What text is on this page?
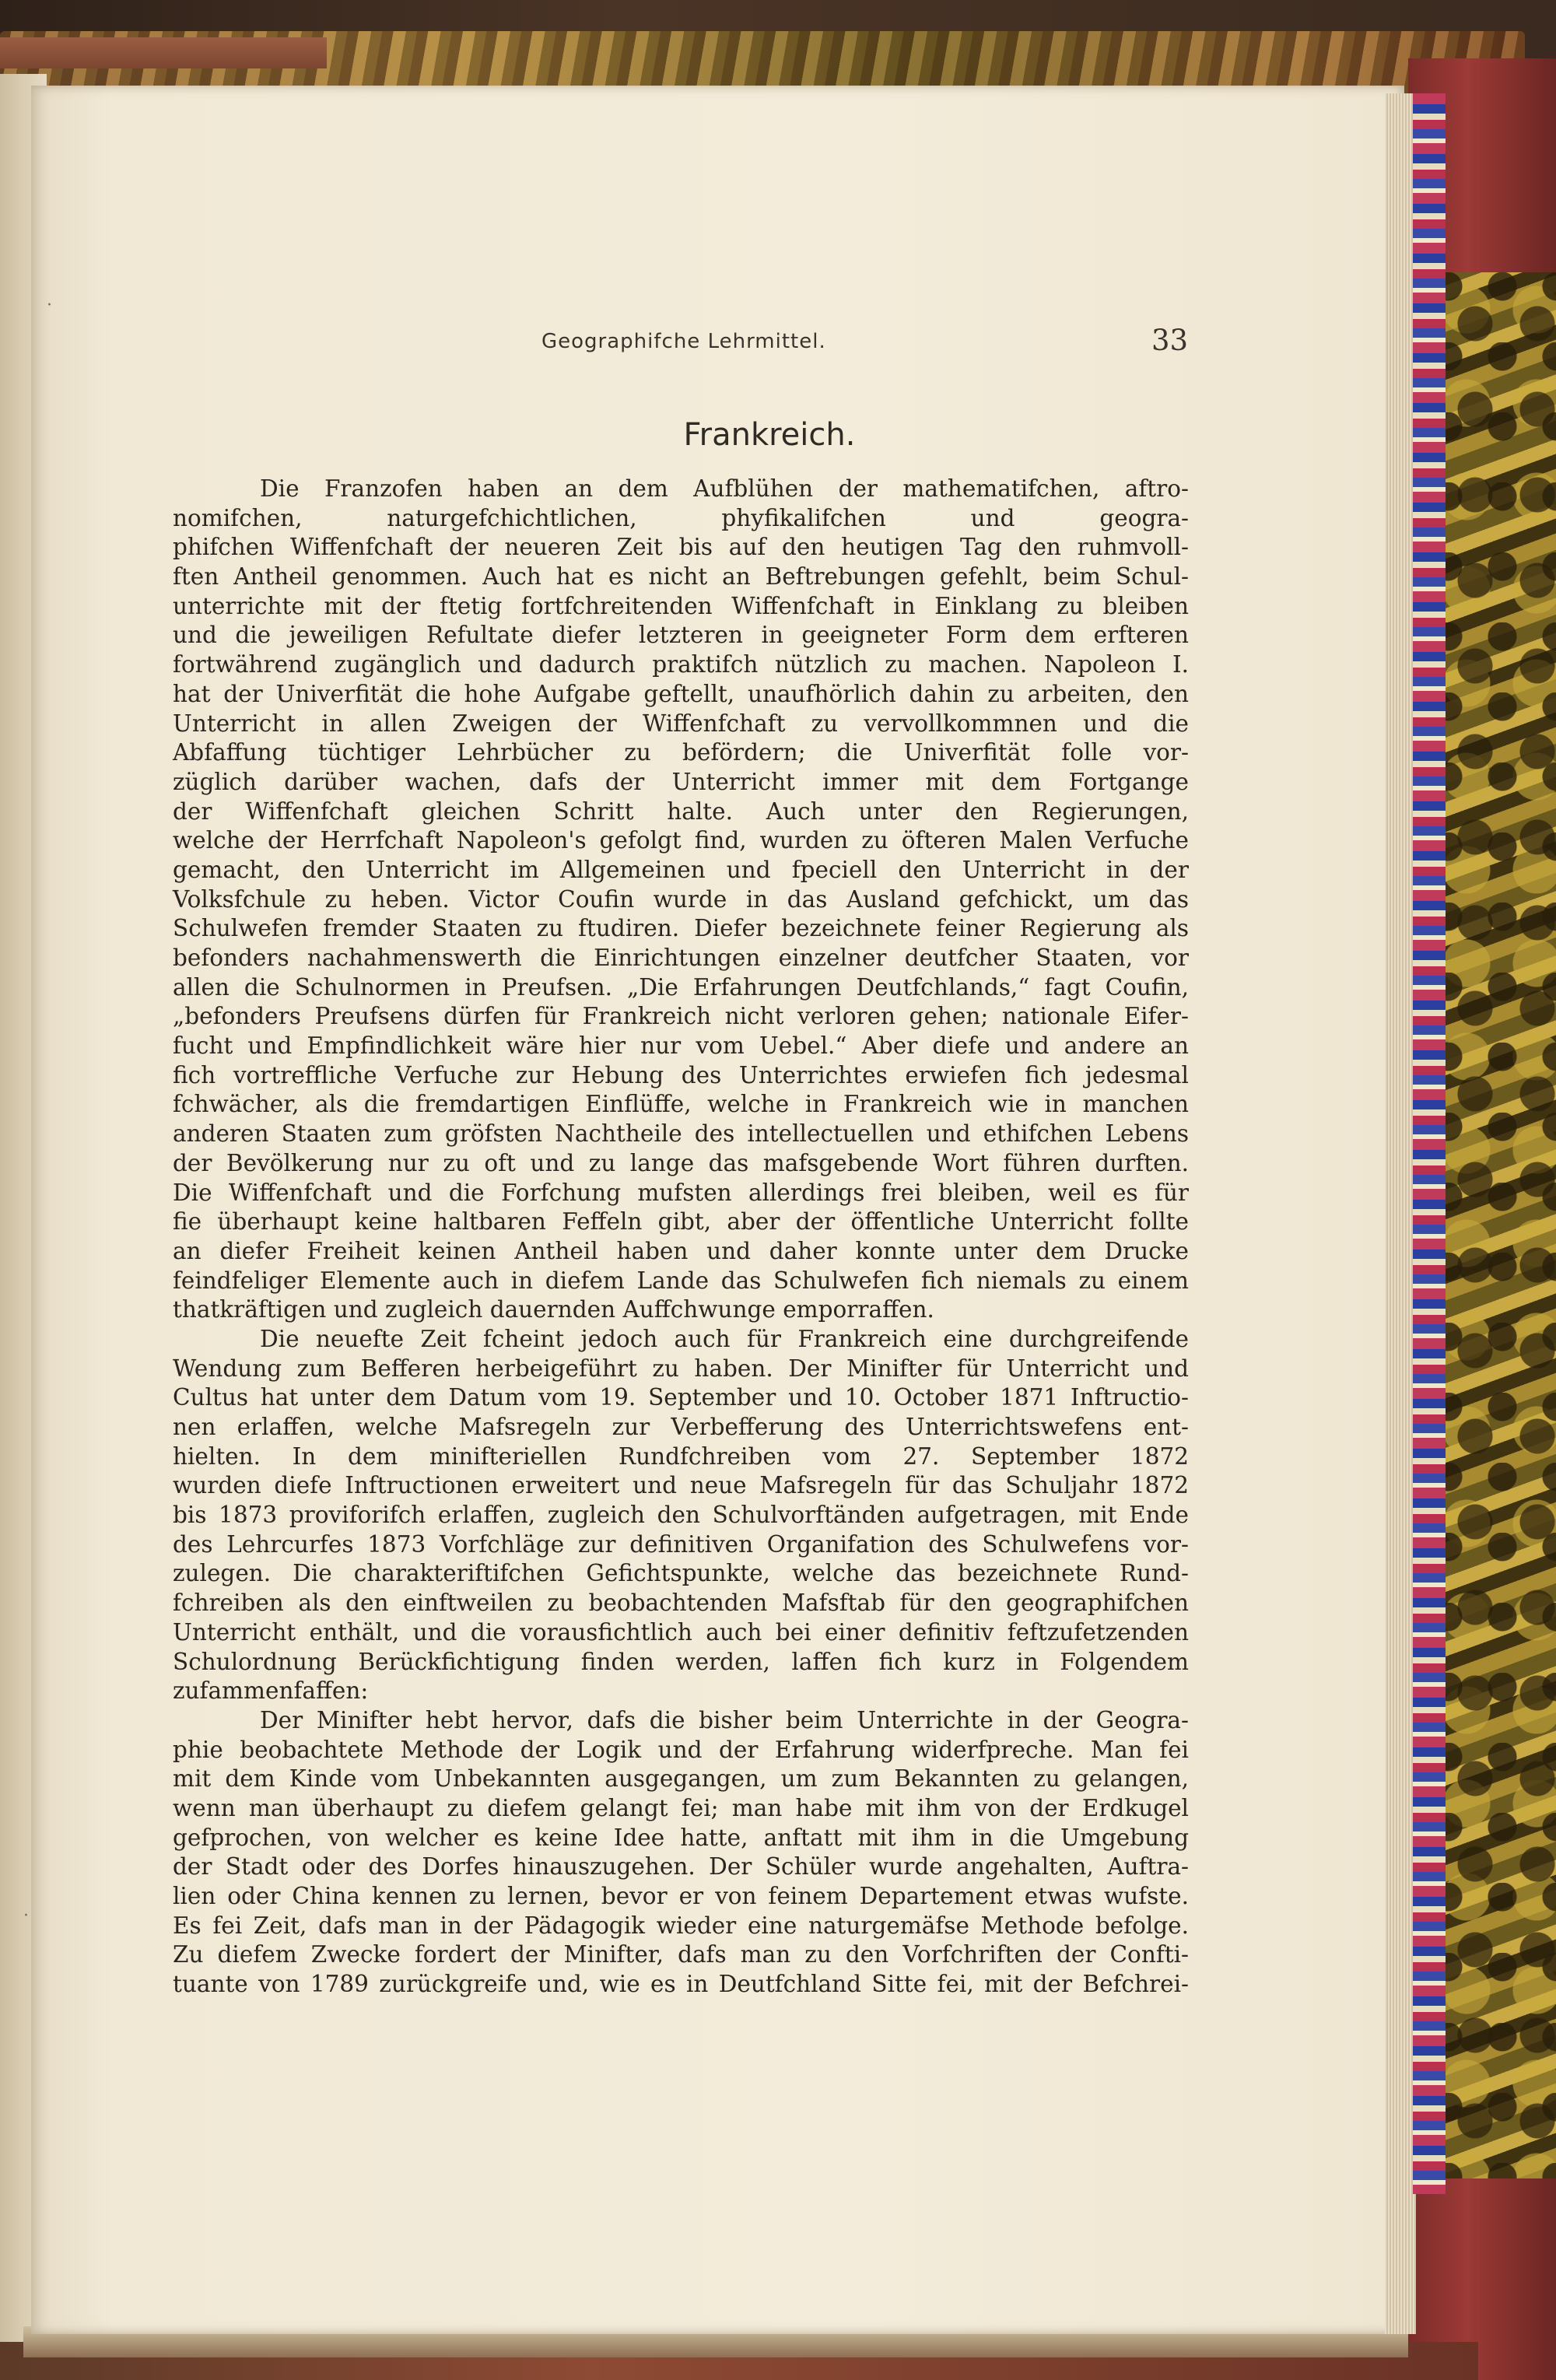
Geographifche Lehrmittel.	33
Frankreich.
Die Franzofen haben an dem Aufblühen der mathematifchen, aftro-
nomifchen, naturgefchichtlichen, phyfikalifchen und geogra-
phifchen Wiffenfchaft der neueren Zeit bis auf den heutigen Tag den ruhmvoll-
ften Antheil genommen. Auch hat es nicht an Beftrebungen gefehlt, beim Schul-
unterrichte mit der ftetig fortfchreitenden Wiffenfchaft in Einklang zu bleiben
und die jeweiligen Refultate diefer letzteren in geeigneter Form dem erfteren
fortwährend zugänglich und dadurch praktifch nützlich zu machen. Napoleon I.
hat der Univerfität die hohe Aufgabe geftellt, unaufhörlich dahin zu arbeiten, den
Unterricht in allen Zweigen der Wiffenfchaft zu vervollkommnen und die
Abfaffung tüchtiger Lehrbücher zu befördern; die Univerfität folle vor-
züglich darüber wachen, dafs der Unterricht immer mit dem Fortgange
der Wiffenfchaft gleichen Schritt halte. Auch unter den Regierungen,
welche der Herrfchaft Napoleon's gefolgt find, wurden zu öfteren Malen Verfuche
gemacht, den Unterricht im Allgemeinen und fpeciell den Unterricht in der
Volksfchule zu heben. Victor Coufin wurde in das Ausland gefchickt, um das
Schulwefen fremder Staaten zu ftudiren. Diefer bezeichnete feiner Regierung als
befonders nachahmenswerth die Einrichtungen einzelner deutfcher Staaten, vor
allen die Schulnormen in Preufsen. „Die Erfahrungen Deutfchlands,“ fagt Coufin,
„befonders Preufsens dürfen für Frankreich nicht verloren gehen; nationale Eifer-
fucht und Empfindlichkeit wäre hier nur vom Uebel.“ Aber diefe und andere an
fich vortreffliche Verfuche zur Hebung des Unterrichtes erwiefen fich jedesmal
fchwächer, als die fremdartigen Einflüffe, welche in Frankreich wie in manchen
anderen Staaten zum gröfsten Nachtheile des intellectuellen und ethifchen Lebens
der Bevölkerung nur zu oft und zu lange das mafsgebende Wort führen durften.
Die Wiffenfchaft und die Forfchung mufsten allerdings frei bleiben, weil es für
fie überhaupt keine haltbaren Feffeln gibt, aber der öffentliche Unterricht follte
an diefer Freiheit keinen Antheil haben und daher konnte unter dem Drucke
feindfeliger Elemente auch in diefem Lande das Schulwefen fich niemals zu einem
thatkräftigen und zugleich dauernden Auffchwunge emporraffen.
Die neuefte Zeit fcheint jedoch auch für Frankreich eine durchgreifende
Wendung zum Befferen herbeigeführt zu haben. Der Minifter für Unterricht und
Cultus hat unter dem Datum vom 19. September und 10. October 1871 Inftructio-
nen erlaffen, welche Mafsregeln zur Verbefferung des Unterrichtswefens ent-
hielten. In dem minifteriellen Rundfchreiben vom 27. September 1872
wurden diefe Inftructionen erweitert und neue Mafsregeln für das Schuljahr 1872
bis 1873 proviforifch erlaffen, zugleich den Schulvorftänden aufgetragen, mit Ende
des Lehrcurfes 1873 Vorfchläge zur definitiven Organifation des Schulwefens vor-
zulegen. Die charakteriftifchen Gefichtspunkte, welche das bezeichnete Rund-
fchreiben als den einftweilen zu beobachtenden Mafsftab für den geographifchen
Unterricht enthält, und die vorausfichtlich auch bei einer definitiv feftzufetzenden
Schulordnung Berückfichtigung finden werden, laffen fich kurz in Folgendem
zufammenfaffen:
Der Minifter hebt hervor, dafs die bisher beim Unterrichte in der Geogra-
phie beobachtete Methode der Logik und der Erfahrung widerfpreche. Man fei
mit dem Kinde vom Unbekannten ausgegangen, um zum Bekannten zu gelangen,
wenn man überhaupt zu diefem gelangt fei; man habe mit ihm von der Erdkugel
gefprochen, von welcher es keine Idee hatte, anftatt mit ihm in die Umgebung
der Stadt oder des Dorfes hinauszugehen. Der Schüler wurde angehalten, Auftra-
lien oder China kennen zu lernen, bevor er von feinem Departement etwas wufste.
Es fei Zeit, dafs man in der Pädagogik wieder eine naturgemäfse Methode befolge.
Zu diefem Zwecke fordert der Minifter, dafs man zu den Vorfchriften der Confti-
tuante von 1789 zurückgreife und, wie es in Deutfchland Sitte fei, mit der Befchrei-
·
·
